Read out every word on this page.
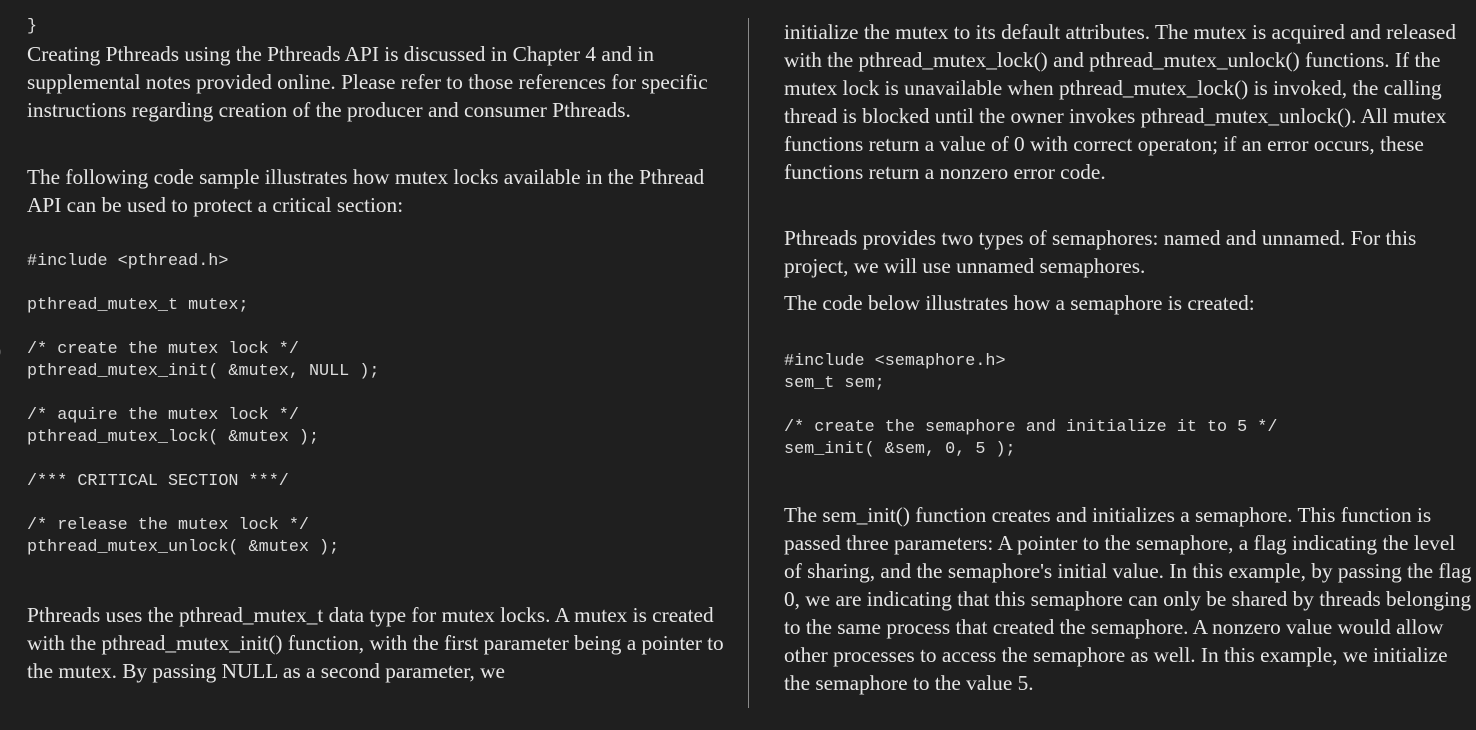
}

Creating Pthreads using the Pthreads API is discussed in Chapter 4 and in supplemental notes provided online. Please refer to those references for specific instructions regarding creation of the producer and consumer Pthreads.

The following code sample illustrates how mutex locks available in the Pthread API can be used to protect a critical section:

#include <pthread.h>
pthread_mutex_t mutex;
/* create the mutex lock */
pthread_mutex_init( &mutex, NULL );
/* aquire the mutex lock */
pthread_mutex_lock( &mutex );
/*** CRITICAL SECTION ***/
/* release the mutex lock */
pthread_mutex_unlock( &mutex );

Pthreads uses the pthread_mutex_t data type for mutex locks. A mutex is created with the pthread_mutex_init() function, with the first parameter being a pointer to the mutex. By passing NULL as a second parameter, we

initialize the mutex to its default attributes. The mutex is acquired and released with the pthread_mutex_lock() and pthread_mutex_unlock() functions. If the mutex lock is unavailable when pthread_mutex_lock() is invoked, the calling thread is blocked until the owner invokes pthread_mutex_unlock(). All mutex functions return a value of 0 with correct operaton; if an error occurs, these functions return a nonzero error code.

Pthreads provides two types of semaphores: named and unnamed. For this project, we will use unnamed semaphores.

The code below illustrates how a semaphore is created:

#include <semaphore.h>
sem_t sem;
/* create the semaphore and initialize it to 5 */
sem_init( &sem, 0, 5 );

The sem_init() function creates and initializes a semaphore. This function is passed three parameters: A pointer to the semaphore, a flag indicating the level of sharing, and the semaphore's initial value. In this example, by passing the flag 0, we are indicating that this semaphore can only be shared by threads belonging to the same process that created the semaphore. A nonzero value would allow other processes to access the semaphore as well. In this example, we initialize the semaphore to the value 5.
